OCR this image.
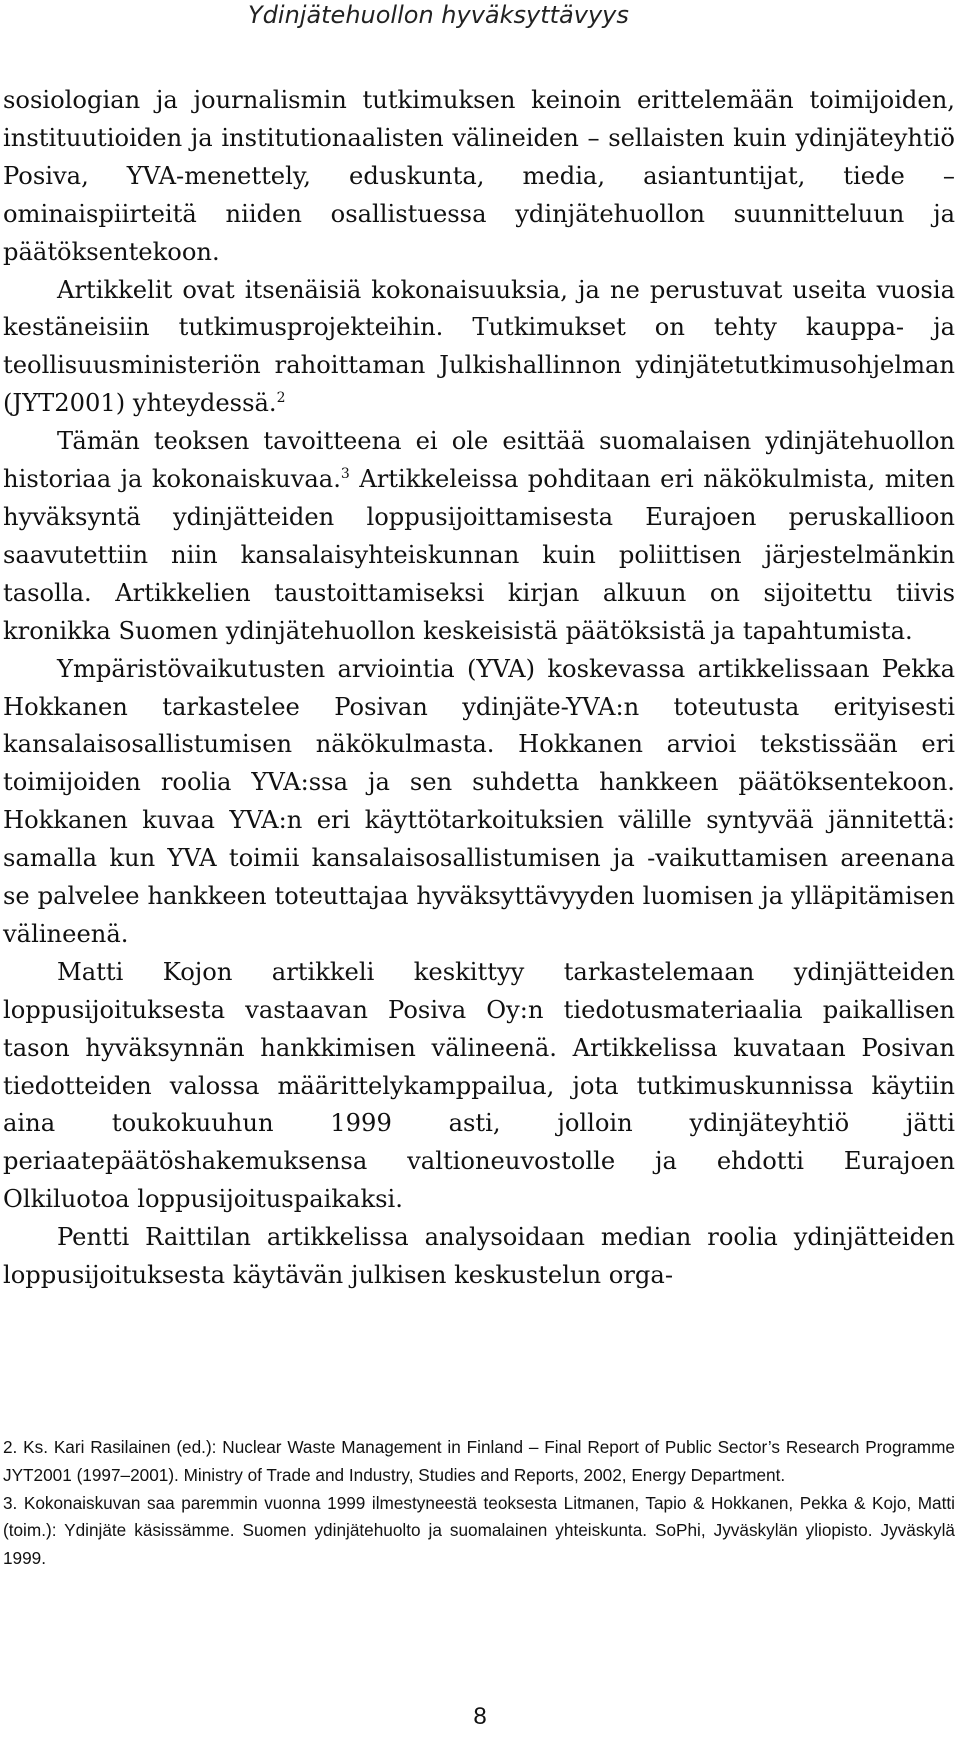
Ydinjätehuollon hyväksyttävyys

sosiologian ja journalismin tutkimuksen keinoin erittelemään toimijoiden, instituutioiden ja institutionaalisten välineiden – sellaisten kuin ydinjäteyhtiö Posiva, YVA-menettely, eduskunta, media, asiantuntijat, tiede – ominaispiirteitä niiden osallistuessa ydinjätehuollon suunnitteluun ja päätöksentekoon.

Artikkelit ovat itsenäisiä kokonaisuuksia, ja ne perustuvat useita vuosia kestäneisiin tutkimusprojekteihin. Tutkimukset on tehty kauppa- ja teollisuusministeriön rahoittaman Julkishallinnon ydinjätetutkimusohjelman (JYT2001) yhteydessä.$^2$

Tämän teoksen tavoitteena ei ole esittää suomalaisen ydinjätehuollon historiaa ja kokonaiskuvaa.$^3$ Artikkeleissa pohditaan eri näkökulmista, miten hyväksyntä ydinjätteiden loppusijoittamisesta Eurajoen peruskallioon saavutettiin niin kansalaisyhteiskunnan kuin poliittisen järjestelmänkin tasolla. Artikkelien taustoittamiseksi kirjan alkuun on sijoitettu tiivis kronikka Suomen ydinjätehuollon keskeisistä päätöksistä ja tapahtumista.

Ympäristövaikutusten arviointia (YVA) koskevassa artikkelissaan Pekka Hokkanen tarkastelee Posivan ydinjäte-YVA:n toteutusta erityisesti kansalaisosallistumisen näkökulmasta. Hokkanen arvioi tekstissään eri toimijoiden roolia YVA:ssa ja sen suhdetta hankkeen päätöksentekoon. Hokkanen kuvaa YVA:n eri käyttötarkoituksien välille syntyvää jännitettä: samalla kun YVA toimii kansalaisosallistumisen ja -vaikuttamisen areenana se palvelee hankkeen toteuttajaa hyväksyttävyyden luomisen ja ylläpitämisen välineenä.

Matti Kojon artikkeli keskittyy tarkastelemaan ydinjätteiden loppusijoituksesta vastaavan Posiva Oy:n tiedotusmateriaalia paikallisen tason hyväksynnän hankkimisen välineenä. Artikkelissa kuvataan Posivan tiedotteiden valossa määrittelykamppailua, jota tutkimuskunnissa käytiin aina toukokuuhun 1999 asti, jolloin ydinjäteyhtiö jätti periaatepäätöshakemuksensa valtioneuvostolle ja ehdotti Eurajoen Olkiluotoa loppusijoituspaikaksi.

Pentti Raittilan artikkelissa analysoidaan median roolia ydinjätteiden loppusijoituksesta käytävän julkisen keskustelun orga-

2. Ks. Kari Rasilainen (ed.): Nuclear Waste Management in Finland – Final Report of Public Sector’s Research Programme JYT2001 (1997–2001). Ministry of Trade and Industry, Studies and Reports, 2002, Energy Department.

3. Kokonaiskuvan saa paremmin vuonna 1999 ilmestyneestä teoksesta Litmanen, Tapio & Hokkanen, Pekka & Kojo, Matti (toim.): Ydinjäte käsissämme. Suomen ydinjätehuolto ja suomalainen yhteiskunta. SoPhi, Jyväskylän yliopisto. Jyväskylä 1999.

8
